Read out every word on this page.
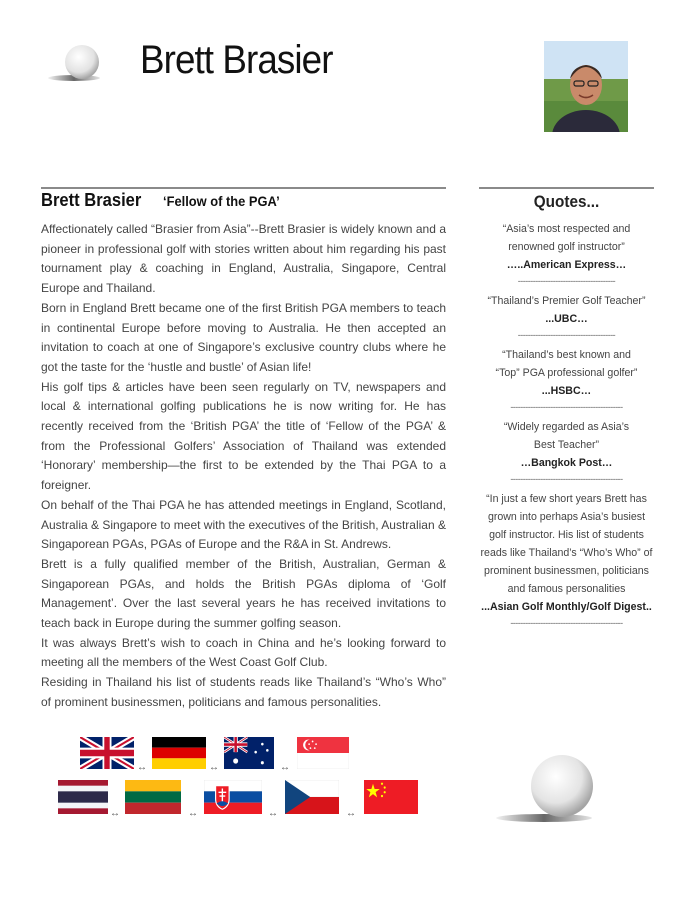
Brett Brasier
Brett Brasier ‘Fellow of the PGA’

Affectionately called “Brasier from Asia”--Brett Brasier is widely known and a pioneer in professional golf with stories written about him regarding his past tournament play & coaching in England, Australia, Singapore, Central Europe and Thailand.

Born in England Brett became one of the first British PGA members to teach in continental Europe before moving to Australia. He then accepted an invitation to coach at one of Singapore’s exclusive country clubs where he got the taste for the ‘hustle and bustle’ of Asian life!

His golf tips & articles have been seen regularly on TV, newspapers and local & international golfing publications he is now writing for. He has recently received from the ‘British PGA’ the title of ‘Fellow of the PGA’ & from the Professional Golfers’ Association of Thailand was extended ‘Honorary’ membership—the first to be extended by the Thai PGA to a foreigner.

On behalf of the Thai PGA he has attended meetings in England, Scotland, Australia & Singapore to meet with the executives of the British, Australian & Singaporean PGAs, PGAs of Europe and the R&A in St. Andrews.

Brett is a fully qualified member of the British, Australian, German & Singaporean PGAs, and holds the British PGAs diploma of ‘Golf Management’. Over the last several years he has received invitations to teach back in Europe during the summer golfing season.

It was always Brett’s wish to coach in China and he’s looking forward to meeting all the members of the West Coast Golf Club.

Residing in Thailand his list of students reads like Thailand’s “Who’s Who” of prominent businessmen, politicians and famous personalities.

Quotes...
“Asia’s most respected and renowned golf instructor”
…..American Express…
---------------------------------------
“Thailand’s Premier Golf Teacher”
...UBC…
---------------------------------------
“Thailand’s best known and “Top” PGA professional golfer”
...HSBC…
---------------------------------------------
“Widely regarded as Asia’s Best Teacher”
…Bangkok Post…
---------------------------------------------
“In just a few short years Brett has grown into perhaps Asia’s busiest golf instructor. His list of students reads like Thailand’s “Who’s Who” of prominent businessmen, politicians and famous personalities
...Asian Golf Monthly/Golf Digest..
---------------------------------------------
↔	↔	↔
↔	↔	↔	↔
